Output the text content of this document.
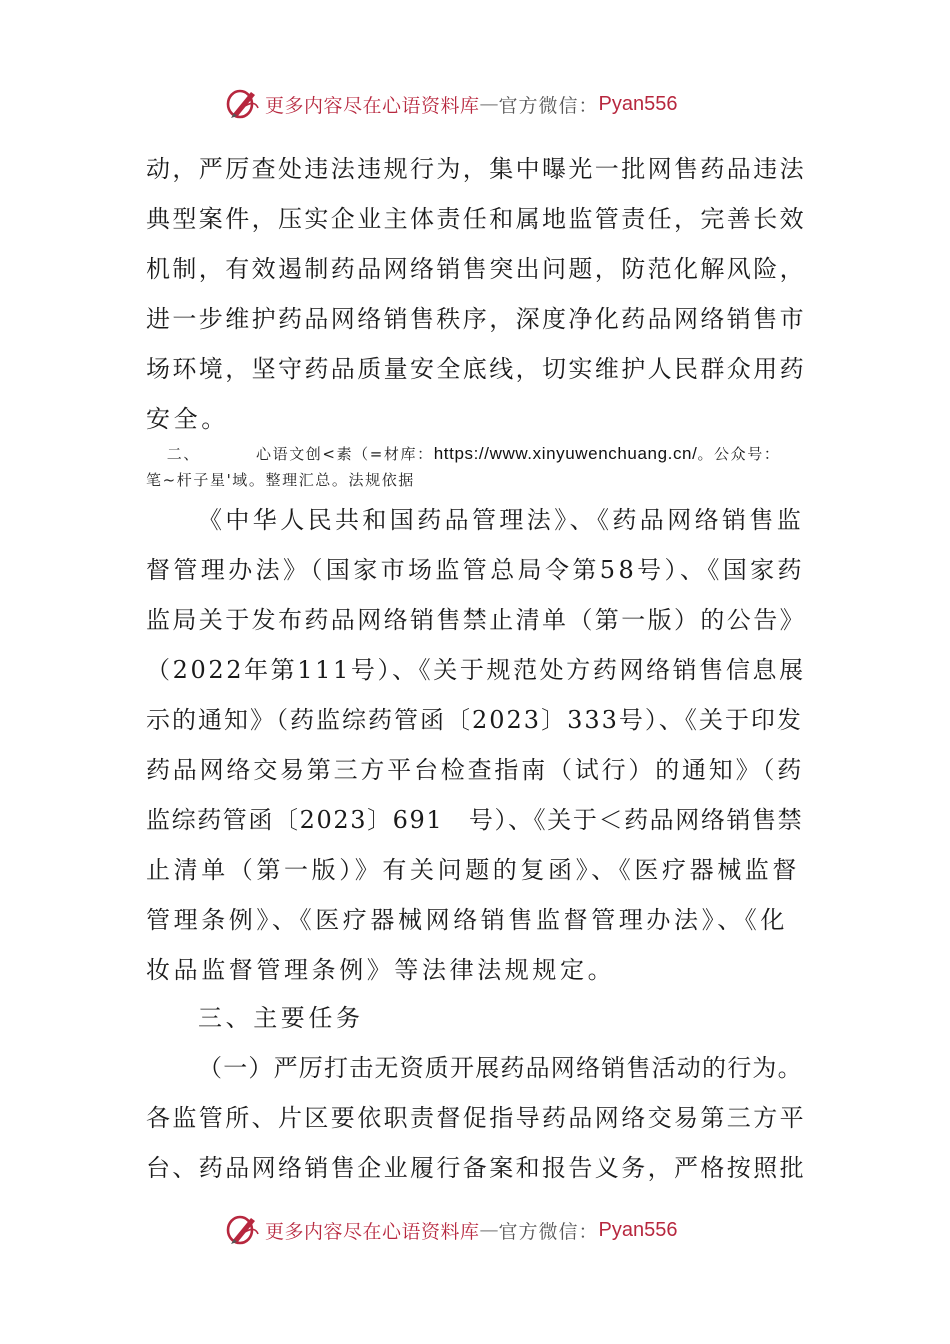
更多内容尽在心语资料库 — 官方微信： Pyan556
动，严厉查处违法违规行为，集中曝光一批网售药品违法
典型案件，压实企业主体责任和属地监管责任，完善长效
机制，有效遏制药品网络销售突出问题，防范化解风险，
进一步维护药品网络销售秩序，深度净化药品网络销售市
场环境，坚守药品质量安全底线，切实维护人民群众用药
安全。
二、	心语文创<素（=材库：https://www.xinyuwenchuang.cn/。公众号：
笔~杆子星'域。整理汇总。法规依据
《中华人民共和国药品管理法》、《药品网络销售监
督管理办法》（国家市场监管总局令第58号）、《国家药
监局关于发布药品网络销售禁止清单（第一版）的公告》
（2022年第111号）、《关于规范处方药网络销售信息展
示的通知》（药监综药管函〔2023〕333号）、《关于印发
药品网络交易第三方平台检查指南（试行）的通知》（药
监综药管函〔2023〕691　号）、《关于＜药品网络销售禁
止清单（第一版）》有关问题的复函》、《医疗器械监督
管理条例》、《医疗器械网络销售监督管理办法》、《化
妆品监督管理条例》等法律法规规定。
三、主要任务
（一）严厉打击无资质开展药品网络销售活动的行为。
各监管所、片区要依职责督促指导药品网络交易第三方平
台、药品网络销售企业履行备案和报告义务，严格按照批
更多内容尽在心语资料库 — 官方微信： Pyan556
